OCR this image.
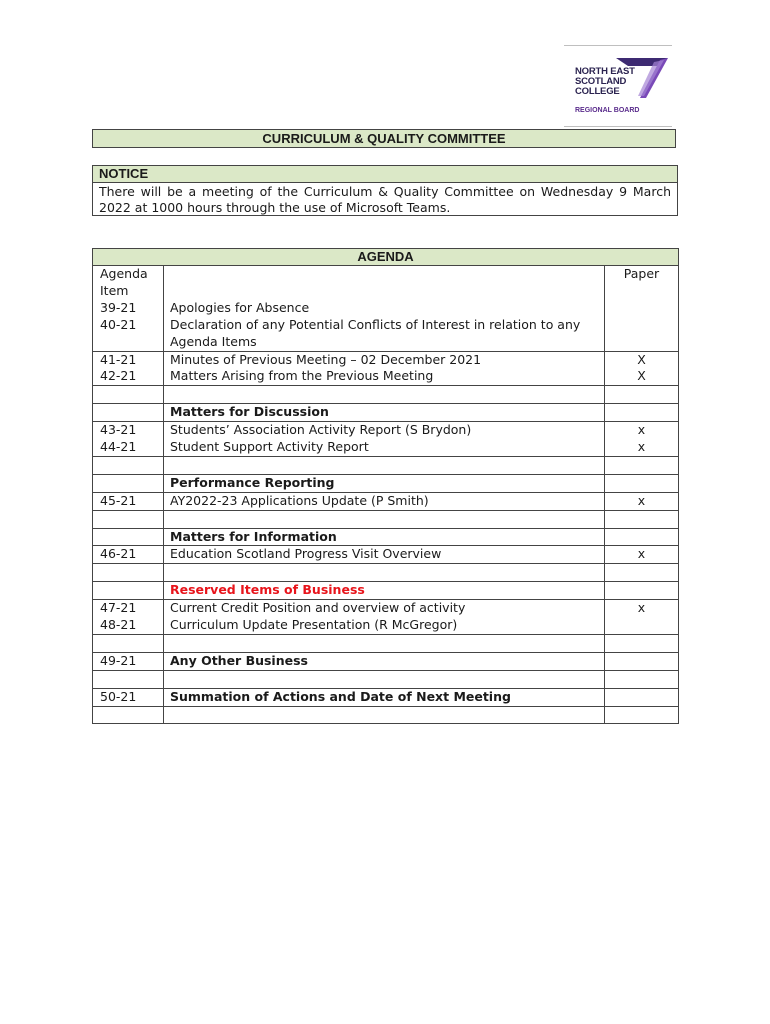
NORTH EAST
SCOTLAND
COLLEGE
REGIONAL BOARD
CURRICULUM & QUALITY COMMITTEE
NOTICE
There will be a meeting of the Curriculum & Quality Committee on Wednesday 9 March 2022 at 1000 hours through the use of Microsoft Teams.
AGENDA		
Agenda Item		Paper
39-21	Apologies for Absence	
40-21	Declaration of any Potential Conflicts of Interest in relation to any Agenda Items	
41-21	Minutes of Previous Meeting – 02 December 2021	X
42-21	Matters Arising from the Previous Meeting	X

	Matters for Discussion	
43-21	Students’ Association Activity Report (S Brydon)	x
44-21	Student Support Activity Report	x

	Performance Reporting	
45-21	AY2022-23 Applications Update (P Smith)	x

	Matters for Information	
46-21	Education Scotland Progress Visit Overview	x

	Reserved Items of Business	
47-21	Current Credit Position and overview of activity	x
48-21	Curriculum Update Presentation (R McGregor)	

49-21	Any Other Business	

50-21	Summation of Actions and Date of Next Meeting	
